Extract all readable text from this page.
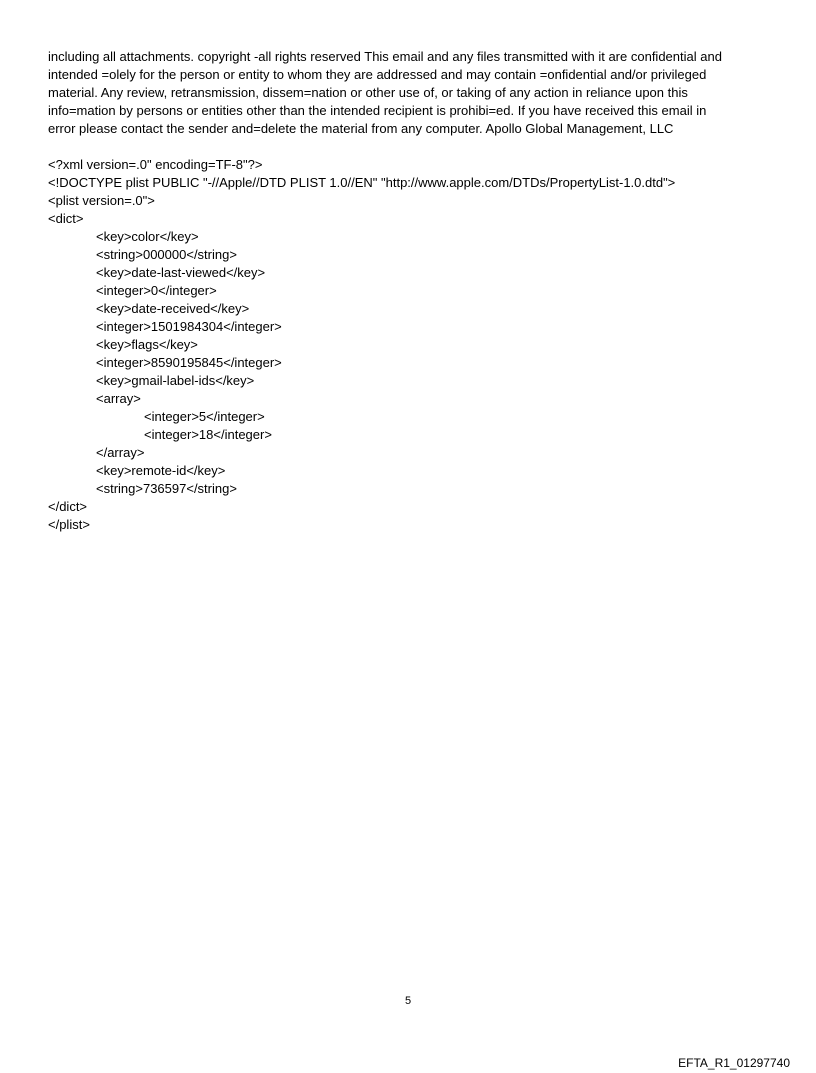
including all attachments. copyright -all rights reserved This email and any files transmitted with it are confidential and
intended =olely for the person or entity to whom they are addressed and may contain =onfidential and/or privileged
material. Any review, retransmission, dissem=nation or other use of, or taking of any action in reliance upon this
info=mation by persons or entities other than the intended recipient is prohibi=ed. If you have received this email in
error please contact the sender and=delete the material from any computer. Apollo Global Management, LLC

<?xml version=.0" encoding=TF-8"?>
<!DOCTYPE plist PUBLIC "-//Apple//DTD PLIST 1.0//EN" "http://www.apple.com/DTDs/PropertyList-1.0.dtd">
<plist version=.0">
<dict>
<key>color</key>
<string>000000</string>
<key>date-last-viewed</key>
<integer>0</integer>
<key>date-received</key>
<integer>1501984304</integer>
<key>flags</key>
<integer>8590195845</integer>
<key>gmail-label-ids</key>
<array>
<integer>5</integer>
<integer>18</integer>
</array>
<key>remote-id</key>
<string>736597</string>
</dict>
</plist>
5
EFTA_R1_01297740
